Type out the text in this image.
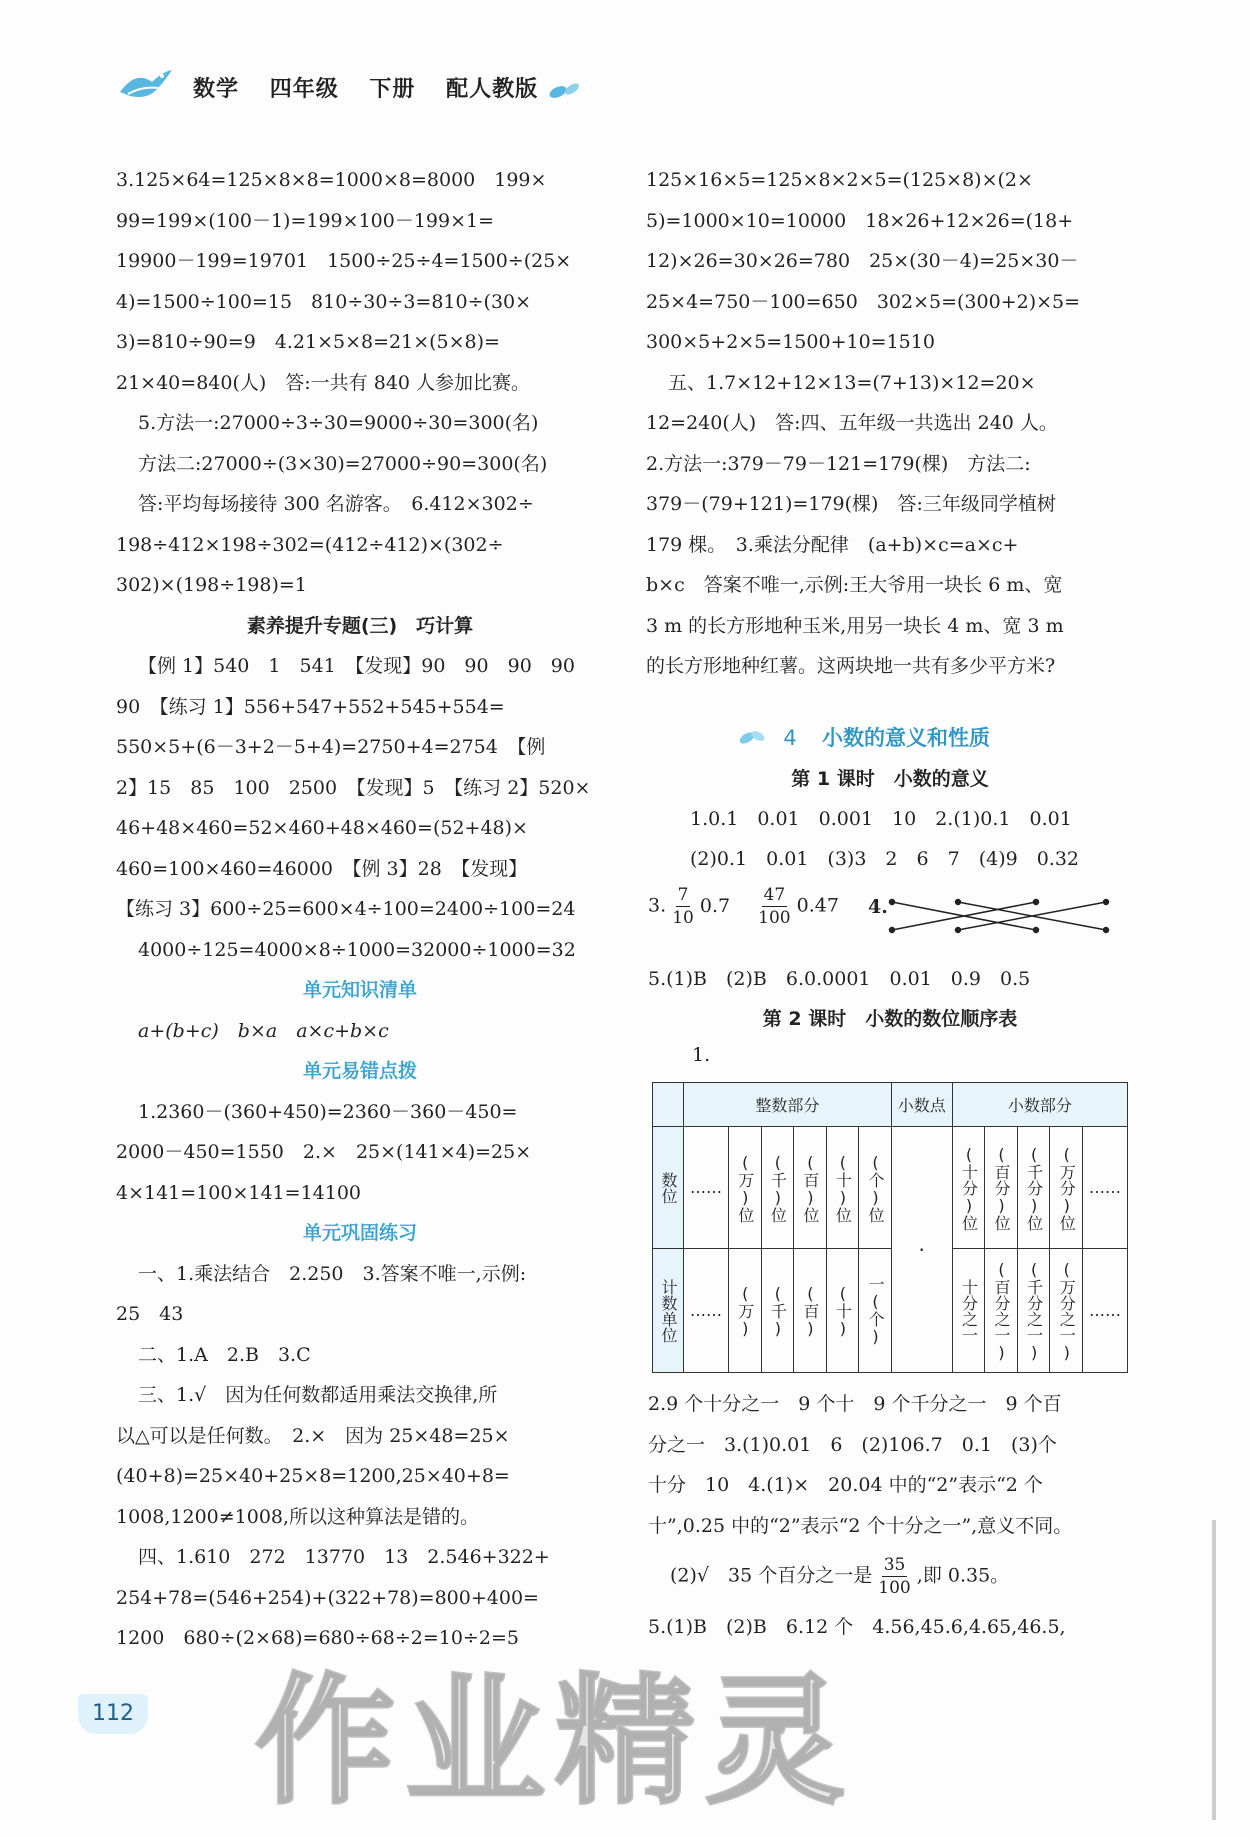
数学 四年级 下册 配人教版
3.125×64=125×8×8=1000×8=8000　199×
99=199×(100－1)=199×100－199×1=
19900－199=19701　1500÷25÷4=1500÷(25×
4)=1500÷100=15　810÷30÷3=810÷(30×
3)=810÷90=9　4.21×5×8=21×(5×8)=
21×40=840(人)　答:一共有 840 人参加比赛。
5.方法一:27000÷3÷30=9000÷30=300(名)
方法二:27000÷(3×30)=27000÷90=300(名)
答:平均每场接待 300 名游客。　6.412×302÷
198÷412×198÷302=(412÷412)×(302÷
302)×(198÷198)=1
素养提升专题(三)　巧计算
【例 1】540　1　541　【发现】90　90　90　90
90　【练习 1】556+547+552+545+554=
550×5+(6－3+2－5+4)=2750+4=2754　【例
2】15　85　100　2500　【发现】5　【练习 2】520×
46+48×460=52×460+48×460=(52+48)×
460=100×460=46000　【例 3】28　【发现】
【练习 3】600÷25=600×4÷100=2400÷100=24
4000÷125=4000×8÷1000=32000÷1000=32
单元知识清单
a+(b+c)　b×a　a×c+b×c
单元易错点拨
1.2360－(360+450)=2360－360－450=
2000－450=1550　2.×　25×(141×4)=25×
4×141=100×141=14100
单元巩固练习
一、1.乘法结合　2.250　3.答案不唯一,示例:
25　43
二、1.A　2.B　3.C
三、1.√　因为任何数都适用乘法交换律,所
以△可以是任何数。　2.×　因为 25×48=25×
(40+8)=25×40+25×8=1200,25×40+8=
1008,1200≠1008,所以这种算法是错的。
四、1.610　272　13770　13　2.546+322+
254+78=(546+254)+(322+78)=800+400=
1200　680÷(2×68)=680÷68÷2=10÷2=5
125×16×5=125×8×2×5=(125×8)×(2×
5)=1000×10=10000　18×26+12×26=(18+
12)×26=30×26=780　25×(30－4)=25×30－
25×4=750－100=650　302×5=(300+2)×5=
300×5+2×5=1500+10=1510
五、1.7×12+12×13=(7+13)×12=20×
12=240(人)　答:四、五年级一共选出 240 人。
2.方法一:379－79－121=179(棵)　方法二:
379－(79+121)=179(棵)　答:三年级同学植树
179 棵。　3.乘法分配律　(a+b)×c=a×c+
b×c　答案不唯一,示例:王大爷用一块长 6 m、宽
3 m 的长方形地种玉米,用另一块长 4 m、宽 3 m
的长方形地种红薯。这两块地一共有多少平方米?
4 小数的意义和性质
第 1 课时　小数的意义
1.0.1　0.01　0.001　10　2.(1)0.1　0.01
(2)0.1　0.01　(3)3　2　6　7　(4)9　0.32
3. $\frac{7}{10} 0.7 \frac{47}{100} 0.47$ 4.
5.(1)B　(2)B　6.0.0001　0.01　0.9　0.5
第 2 课时　小数的数位顺序表
1.
	整数部分						小数点	小数部分				

数位	……	(万)位	(千)位	(百)位	(十)位	(个)位	·	(十分)位	(百分)位	(千分)位	(万分)位	……

计数单位	……	(万)	(千)	(百)	(十)	一(个)		十分之一	(百分之一)	(千分之一)	(万分之一)	……
2.9 个十分之一　9 个十　9 个千分之一　9 个百
分之一　3.(1)0.01　6　(2)106.7　0.1　(3)个
十分　10　4.(1)×　20.04 中的“2”表示“2 个
十”,0.25 中的“2”表示“2 个十分之一”,意义不同。
(2)√　35 个百分之一是 $\frac{35}{100}$ ,即 0.35。
5.(1)B　(2)B　6.12 个　4.56,45.6,4.65,46.5,
112 作业精灵
